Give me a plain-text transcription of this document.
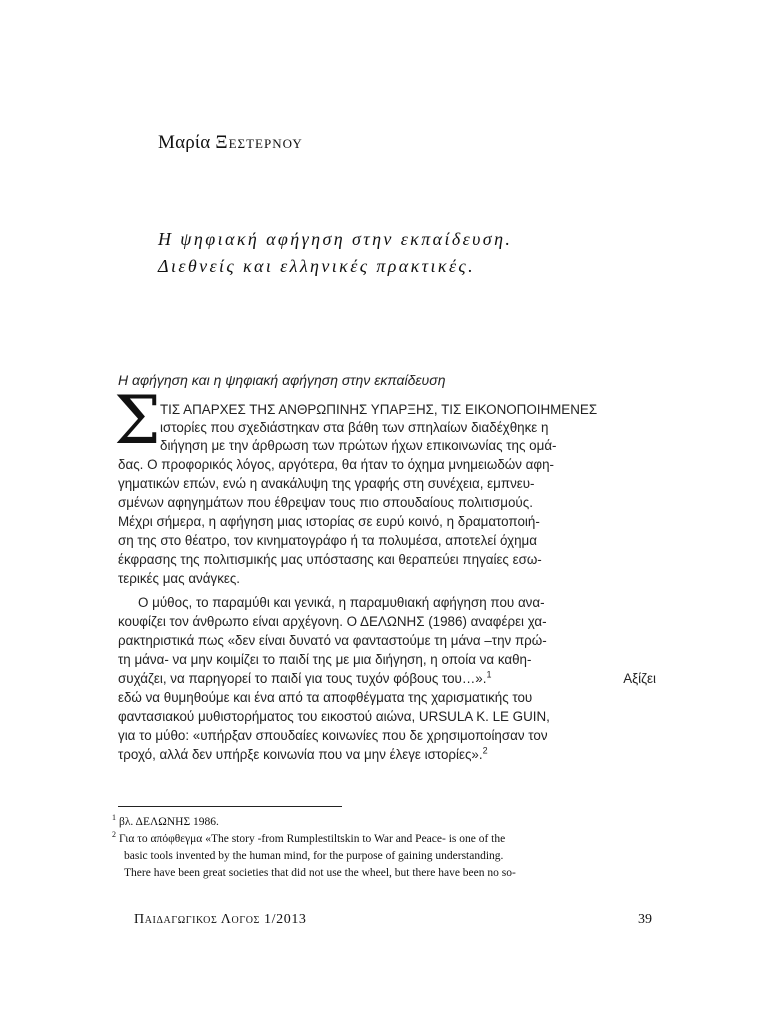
Μαρία Ξεστερνου
Η ψηφιακή αφήγηση στην εκπαίδευση.
Διεθνείς και ελληνικές πρακτικές.
Η αφήγηση και η ψηφιακή αφήγηση στην εκπαίδευση
Σ ΤΙΣ ΑΠΑΡΧΕΣ ΤΗΣ ΑΝΘΡΩΠΙΝΗΣ ΥΠΑΡΞΗΣ, ΤΙΣ ΕΙΚΟΝΟΠΟΙΗΜΕΝΕΣ
ιστορίες που σχεδιάστηκαν στα βάθη των σπηλαίων διαδέχθηκε η
διήγηση με την άρθρωση των πρώτων ήχων επικοινωνίας της ομά-
δας. Ο προφορικός λόγος, αργότερα, θα ήταν το όχημα μνημειωδών αφη-
γηματικών επών, ενώ η ανακάλυψη της γραφής στη συνέχεια, εμπνευ-
σμένων αφηγημάτων που έθρεψαν τους πιο σπουδαίους πολιτισμούς.
Μέχρι σήμερα, η αφήγηση μιας ιστορίας σε ευρύ κοινό, η δραματοποιή-
ση της στο θέατρο, τον κινηματογράφο ή τα πολυμέσα, αποτελεί όχημα
έκφρασης της πολιτισμικής μας υπόστασης και θεραπεύει πηγαίες εσω-
τερικές μας ανάγκες.
Ο μύθος, το παραμύθι και γενικά, η παραμυθιακή αφήγηση που ανα-
κουφίζει τον άνθρωπο είναι αρχέγονη. Ο ΔΕΛΩΝΗΣ (1986) αναφέρει χα-
ρακτηριστικά πως «δεν είναι δυνατό να φανταστούμε τη μάνα –την πρώ-
τη μάνα- να μην κοιμίζει το παιδί της με μια διήγηση, η οποία να καθη-
συχάζει, να παρηγορεί το παιδί για τους τυχόν φόβους του…».$^1$	Αξίζει
εδώ να θυμηθούμε και ένα από τα αποφθέγματα της χαρισματικής του
φαντασιακού μυθιστορήματος του εικοστού αιώνα, URSULA K. LE GUIN,
για το μύθο: «υπήρξαν σπουδαίες κοινωνίες που δε χρησιμοποίησαν τον
τροχό, αλλά δεν υπήρξε κοινωνία που να μην έλεγε ιστορίες».$^2$
$^1$ βλ. ΔΕΛΩΝΗΣ 1986.
$^2$ Για το απόφθεγμα «The story -from Rumplestiltskin to War and Peace- is one of the
basic tools invented by the human mind, for the purpose of gaining understanding.
There have been great societies that did not use the wheel, but there have been no so-
Παιδαγωγικος Λογος 1/2013	39
